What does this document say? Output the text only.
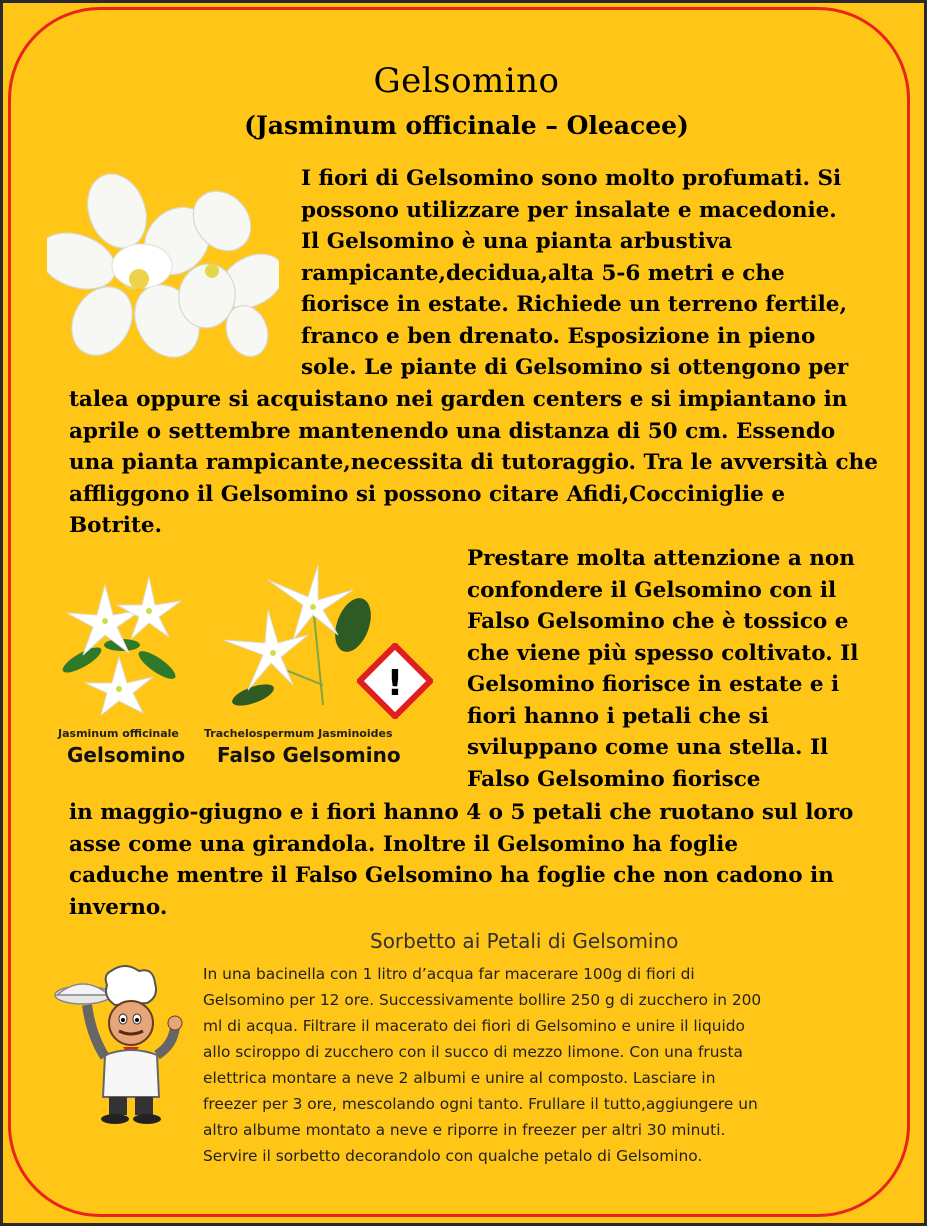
Gelsomino
(Jasminum officinale – Oleacee)
I fiori di Gelsomino sono molto profumati. Si
possono utilizzare per insalate e macedonie.
Il Gelsomino è una pianta arbustiva
rampicante,decidua,alta 5-6 metri e che
fiorisce in estate. Richiede un terreno fertile,
franco e ben drenato. Esposizione in pieno
sole. Le piante di Gelsomino si ottengono per
talea oppure si acquistano nei garden centers e si impiantano in
aprile o settembre mantenendo una distanza di 50 cm. Essendo
una pianta rampicante,necessita di tutoraggio. Tra le avversità che
affliggono il Gelsomino si possono citare Afidi,Cocciniglie e
Botrite.
!
Jasminum officinale
Gelsomino
Trachelospermum Jasminoides
Falso Gelsomino
Prestare molta attenzione a non
confondere il Gelsomino con il
Falso Gelsomino che è tossico e
che viene più spesso coltivato. Il
Gelsomino fiorisce in estate e i
fiori hanno i petali che si
sviluppano come una stella. Il
Falso Gelsomino fiorisce
in maggio-giugno e i fiori hanno 4 o 5 petali che ruotano sul loro
asse come una girandola. Inoltre il Gelsomino ha foglie
caduche mentre il Falso Gelsomino ha foglie che non cadono in
inverno.
Sorbetto ai Petali di Gelsomino
In una bacinella con 1 litro d’acqua far macerare 100g di fiori di
Gelsomino per 12 ore. Successivamente bollire 250 g di zucchero in 200
ml di acqua. Filtrare il macerato dei fiori di Gelsomino e unire il liquido
allo sciroppo di zucchero con il succo di mezzo limone. Con una frusta
elettrica montare a neve 2 albumi e unire al composto. Lasciare in
freezer per 3 ore, mescolando ogni tanto. Frullare il tutto,aggiungere un
altro albume montato a neve e riporre in freezer per altri 30 minuti.
Servire il sorbetto decorandolo con qualche petalo di Gelsomino.
